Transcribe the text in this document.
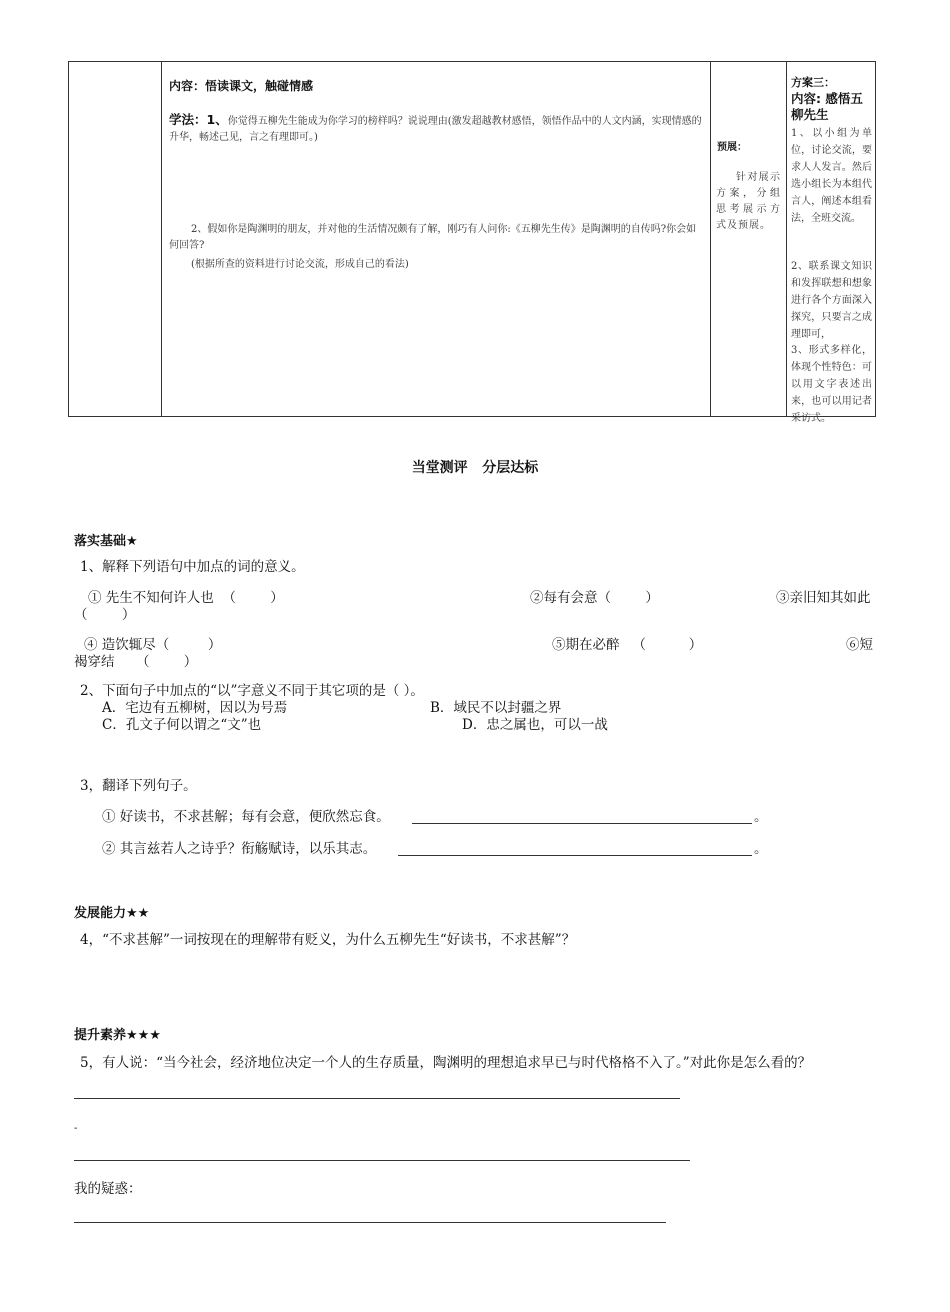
内容：悟读课文，触碰情感
学法：1、你觉得五柳先生能成为你学习的榜样吗？说说理由(激发超越教材感悟，领悟作品中的人文内涵，实现情感的升华，畅述己见，言之有理即可。)
2、假如你是陶渊明的朋友，并对他的生活情况颇有了解，刚巧有人问你:《五柳先生传》是陶渊明的自传吗?你会如何回答?
(根据所查的资料进行讨论交流，形成自己的看法)
预展：
针对展示方案，分组思考展示方式及预展。
方案三：
内容: 感悟五柳先生
1、以小组为单位，讨论交流，要求人人发言。然后选小组长为本组代言人，阐述本组看法，全班交流。
2、联系课文知识和发挥联想和想象进行各个方面深入探究，只要言之成理即可，
3、形式多样化，体现个性特色：可以用文字表述出来，也可以用记者采访式。
当堂测评   分层达标
落实基础★
1、解释下列语句中加点的词的意义。
① 先生不知何许人也  （        ）	②每有会意（        ）	③亲旧知其如此
（        ）
④ 造饮辄尽（         ）	⑤期在必醉   （          ）	⑥短
褐穿结     （        ）
2、下面句子中加点的“以”字意义不同于其它项的是（ ）。
A．宅边有五柳树，因以为号焉	B．域民不以封疆之界
C．孔文子何以谓之“文”也	D．忠之属也，可以一战
3，翻译下列句子。
① 好读书，不求甚解；每有会意，便欣然忘食。	。
② 其言兹若人之诗乎？衔觞赋诗，以乐其志。	。
发展能力★★
4，“不求甚解”一词按现在的理解带有贬义，为什么五柳先生“好读书，不求甚解”？
提升素养★★★
5，有人说：“当今社会，经济地位决定一个人的生存质量，陶渊明的理想追求早已与时代格格不入了。”对此你是怎么看的？
-
我的疑惑：
